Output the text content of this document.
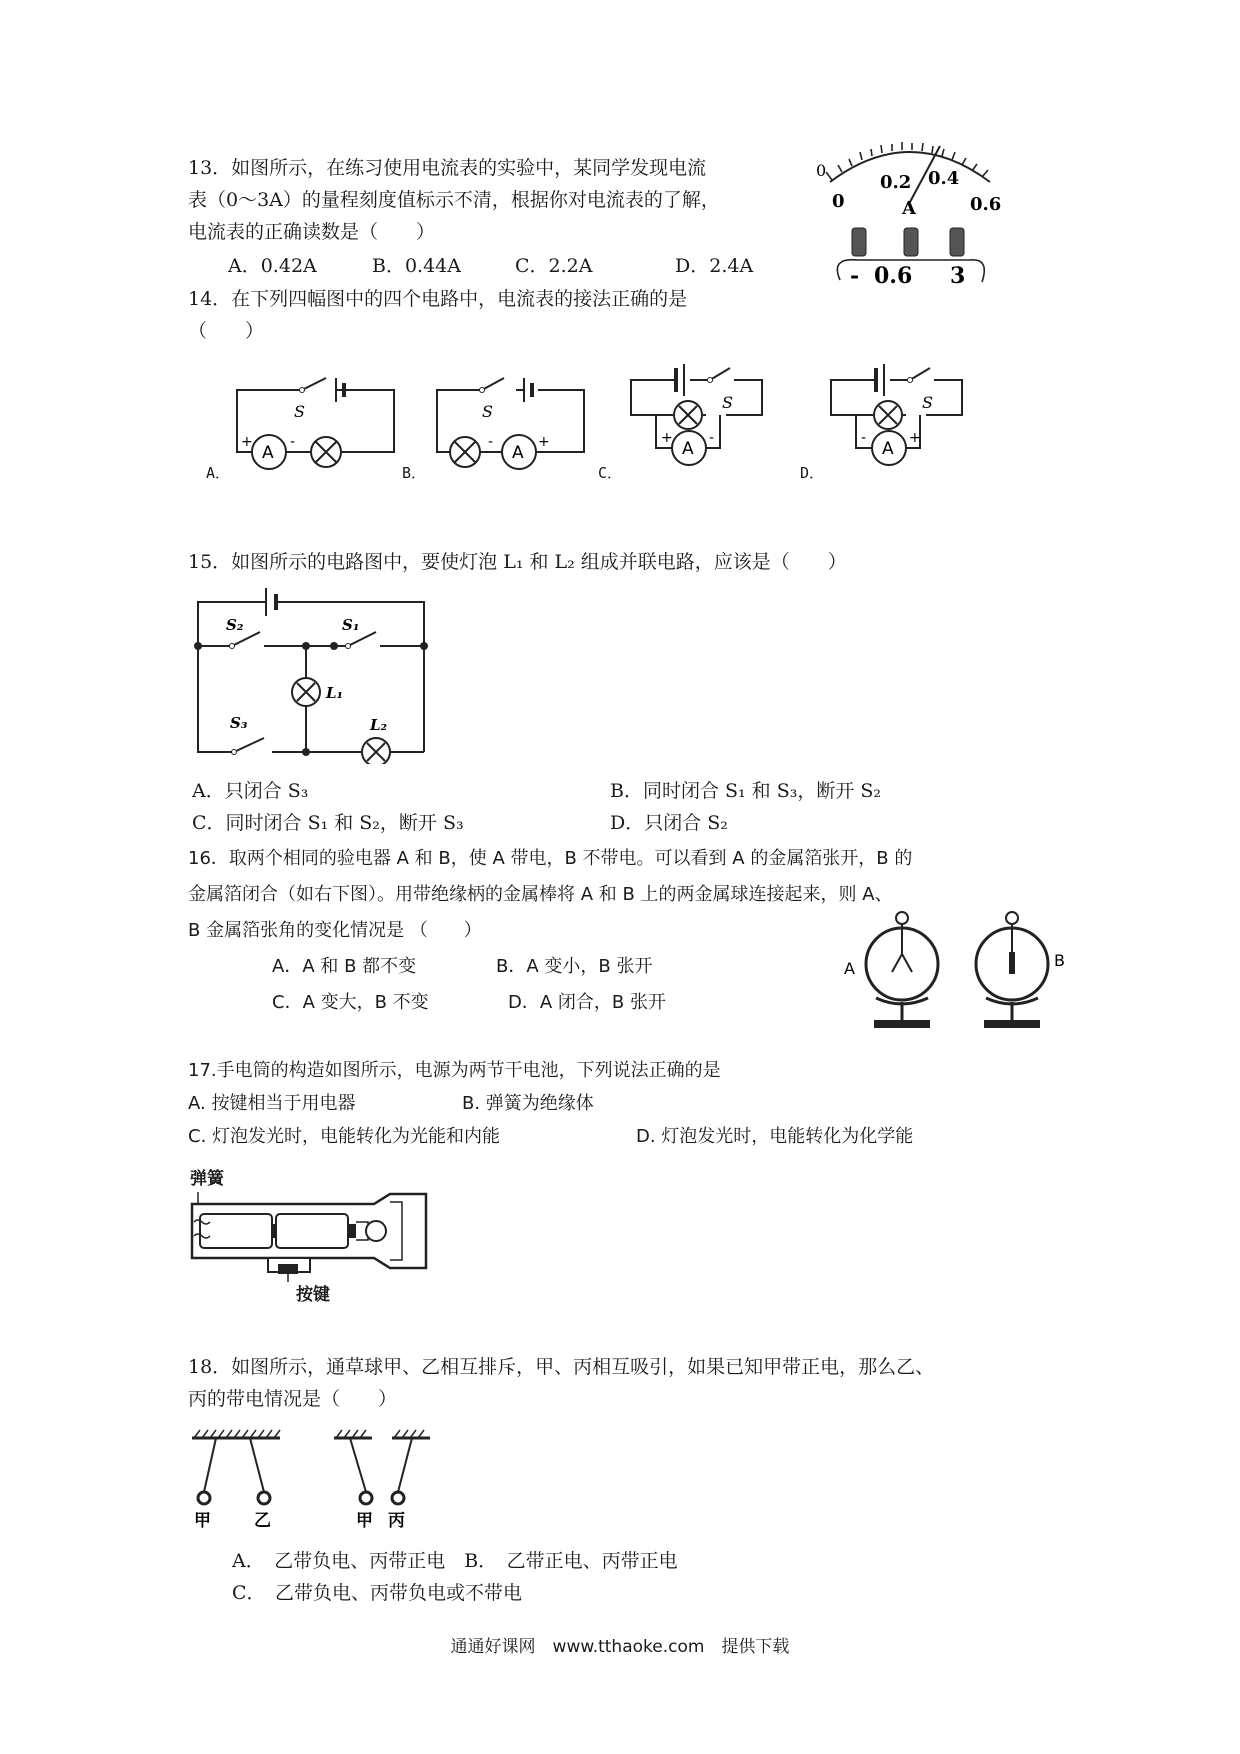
13．如图所示，在练习使用电流表的实验中，某同学发现电流
表（0～3A）的量程刻度值标示不清，根据你对电流表的了解，
电流表的正确读数是（　　）
A．0.42A	B．0.44A	C．2.2A	D．2.4A
0
0
0.2 0.4
0.6
A
- 0.6 3
14．在下列四幅图中的四个电路中，电流表的接法正确的是
（　　）
S
A
+	-
A．
S
A
-	+
B．
S
A
+	-
C．
S
A
-	+
D．
15．如图所示的电路图中，要使灯泡 L₁ 和 L₂ 组成并联电路，应该是（　　）
S₂	S₁
S₃
L₁
L₂
A．只闭合 S₃	B．同时闭合 S₁ 和 S₃，断开 S₂
C．同时闭合 S₁ 和 S₂，断开 S₃	D．只闭合 S₂
16．取两个相同的验电器 A 和 B，使 A 带电，B 不带电。可以看到 A 的金属箔张开，B 的
金属箔闭合（如右下图）。用带绝缘柄的金属棒将 A 和 B 上的两金属球连接起来，则 A、
B 金属箔张角的变化情况是 （　　）
A．A 和 B 都不变	B．A 变小，B 张开
C．A 变大，B 不变	D．A 闭合，B 张开
A	B
17.手电筒的构造如图所示，电源为两节干电池，下列说法正确的是
A. 按键相当于用电器	B. 弹簧为绝缘体
C. 灯泡发光时，电能转化为光能和内能	D. 灯泡发光时，电能转化为化学能
弹簧
按键
18．如图所示，通草球甲、乙相互排斥，甲、丙相互吸引，如果已知甲带正电，那么乙、
丙的带电情况是（　　）
甲	乙	甲 丙
A．　乙带负电、丙带正电　B．　乙带正电、丙带正电
C．　乙带负电、丙带负电或不带电
通通好课网　www.tthaoke.com　提供下载
